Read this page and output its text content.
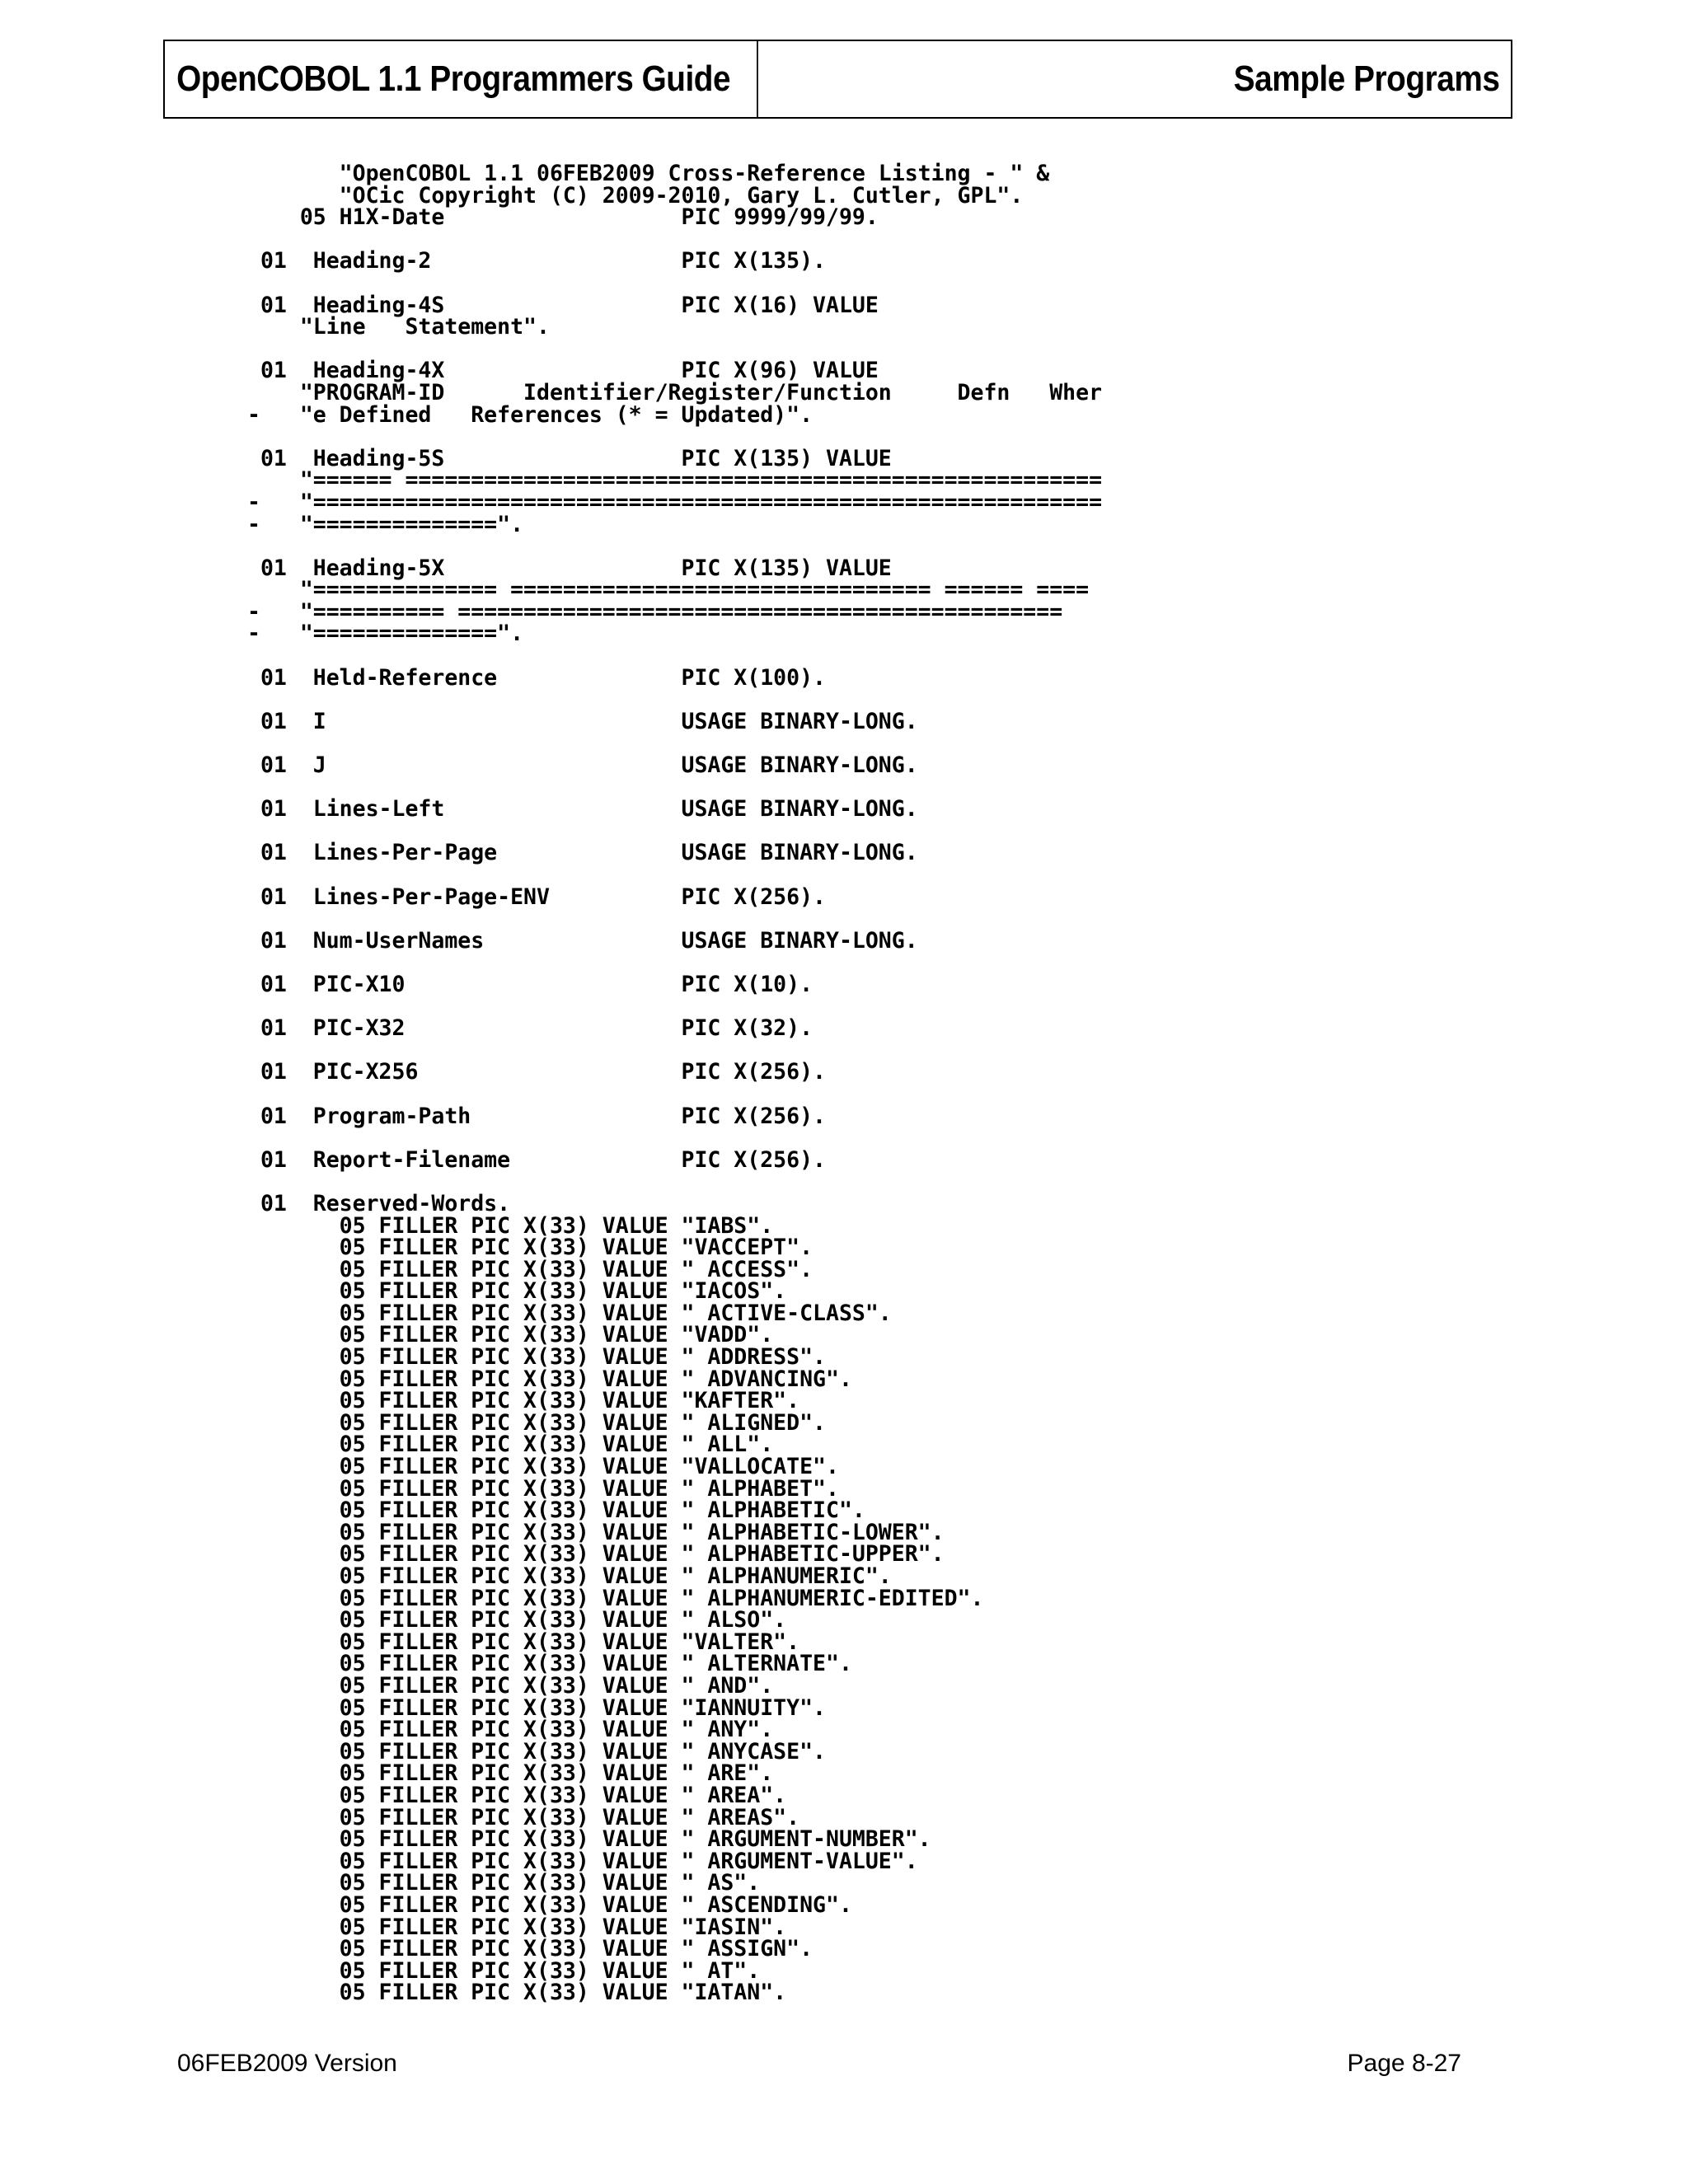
OpenCOBOL 1.1 Programmers Guide	Sample Programs
"OpenCOBOL 1.1 06FEB2009 Cross-Reference Listing - " &
"OCic Copyright (C) 2009-2010, Gary L. Cutler, GPL".
05 H1X-Date                  PIC 9999/99/99.
01  Heading-2                   PIC X(135).
01  Heading-4S                  PIC X(16) VALUE
"Line   Statement".
01  Heading-4X                  PIC X(96) VALUE
"PROGRAM-ID      Identifier/Register/Function     Defn   Wher
-   "e Defined   References (* = Updated)".
01  Heading-5S                  PIC X(135) VALUE
"====== =====================================================
-   "============================================================
-   "==============".
01  Heading-5X                  PIC X(135) VALUE
"============== ================================ ====== ====
-   "========== ==============================================
-   "==============".
01  Held-Reference              PIC X(100).
01  I                           USAGE BINARY-LONG.
01  J                           USAGE BINARY-LONG.
01  Lines-Left                  USAGE BINARY-LONG.
01  Lines-Per-Page              USAGE BINARY-LONG.
01  Lines-Per-Page-ENV          PIC X(256).
01  Num-UserNames               USAGE BINARY-LONG.
01  PIC-X10                     PIC X(10).
01  PIC-X32                     PIC X(32).
01  PIC-X256                    PIC X(256).
01  Program-Path                PIC X(256).
01  Report-Filename             PIC X(256).
01  Reserved-Words.
05 FILLER PIC X(33) VALUE "IABS".
05 FILLER PIC X(33) VALUE "VACCEPT".
05 FILLER PIC X(33) VALUE " ACCESS".
05 FILLER PIC X(33) VALUE "IACOS".
05 FILLER PIC X(33) VALUE " ACTIVE-CLASS".
05 FILLER PIC X(33) VALUE "VADD".
05 FILLER PIC X(33) VALUE " ADDRESS".
05 FILLER PIC X(33) VALUE " ADVANCING".
05 FILLER PIC X(33) VALUE "KAFTER".
05 FILLER PIC X(33) VALUE " ALIGNED".
05 FILLER PIC X(33) VALUE " ALL".
05 FILLER PIC X(33) VALUE "VALLOCATE".
05 FILLER PIC X(33) VALUE " ALPHABET".
05 FILLER PIC X(33) VALUE " ALPHABETIC".
05 FILLER PIC X(33) VALUE " ALPHABETIC-LOWER".
05 FILLER PIC X(33) VALUE " ALPHABETIC-UPPER".
05 FILLER PIC X(33) VALUE " ALPHANUMERIC".
05 FILLER PIC X(33) VALUE " ALPHANUMERIC-EDITED".
05 FILLER PIC X(33) VALUE " ALSO".
05 FILLER PIC X(33) VALUE "VALTER".
05 FILLER PIC X(33) VALUE " ALTERNATE".
05 FILLER PIC X(33) VALUE " AND".
05 FILLER PIC X(33) VALUE "IANNUITY".
05 FILLER PIC X(33) VALUE " ANY".
05 FILLER PIC X(33) VALUE " ANYCASE".
05 FILLER PIC X(33) VALUE " ARE".
05 FILLER PIC X(33) VALUE " AREA".
05 FILLER PIC X(33) VALUE " AREAS".
05 FILLER PIC X(33) VALUE " ARGUMENT-NUMBER".
05 FILLER PIC X(33) VALUE " ARGUMENT-VALUE".
05 FILLER PIC X(33) VALUE " AS".
05 FILLER PIC X(33) VALUE " ASCENDING".
05 FILLER PIC X(33) VALUE "IASIN".
05 FILLER PIC X(33) VALUE " ASSIGN".
05 FILLER PIC X(33) VALUE " AT".
05 FILLER PIC X(33) VALUE "IATAN".
06FEB2009 Version	Page 8-27
